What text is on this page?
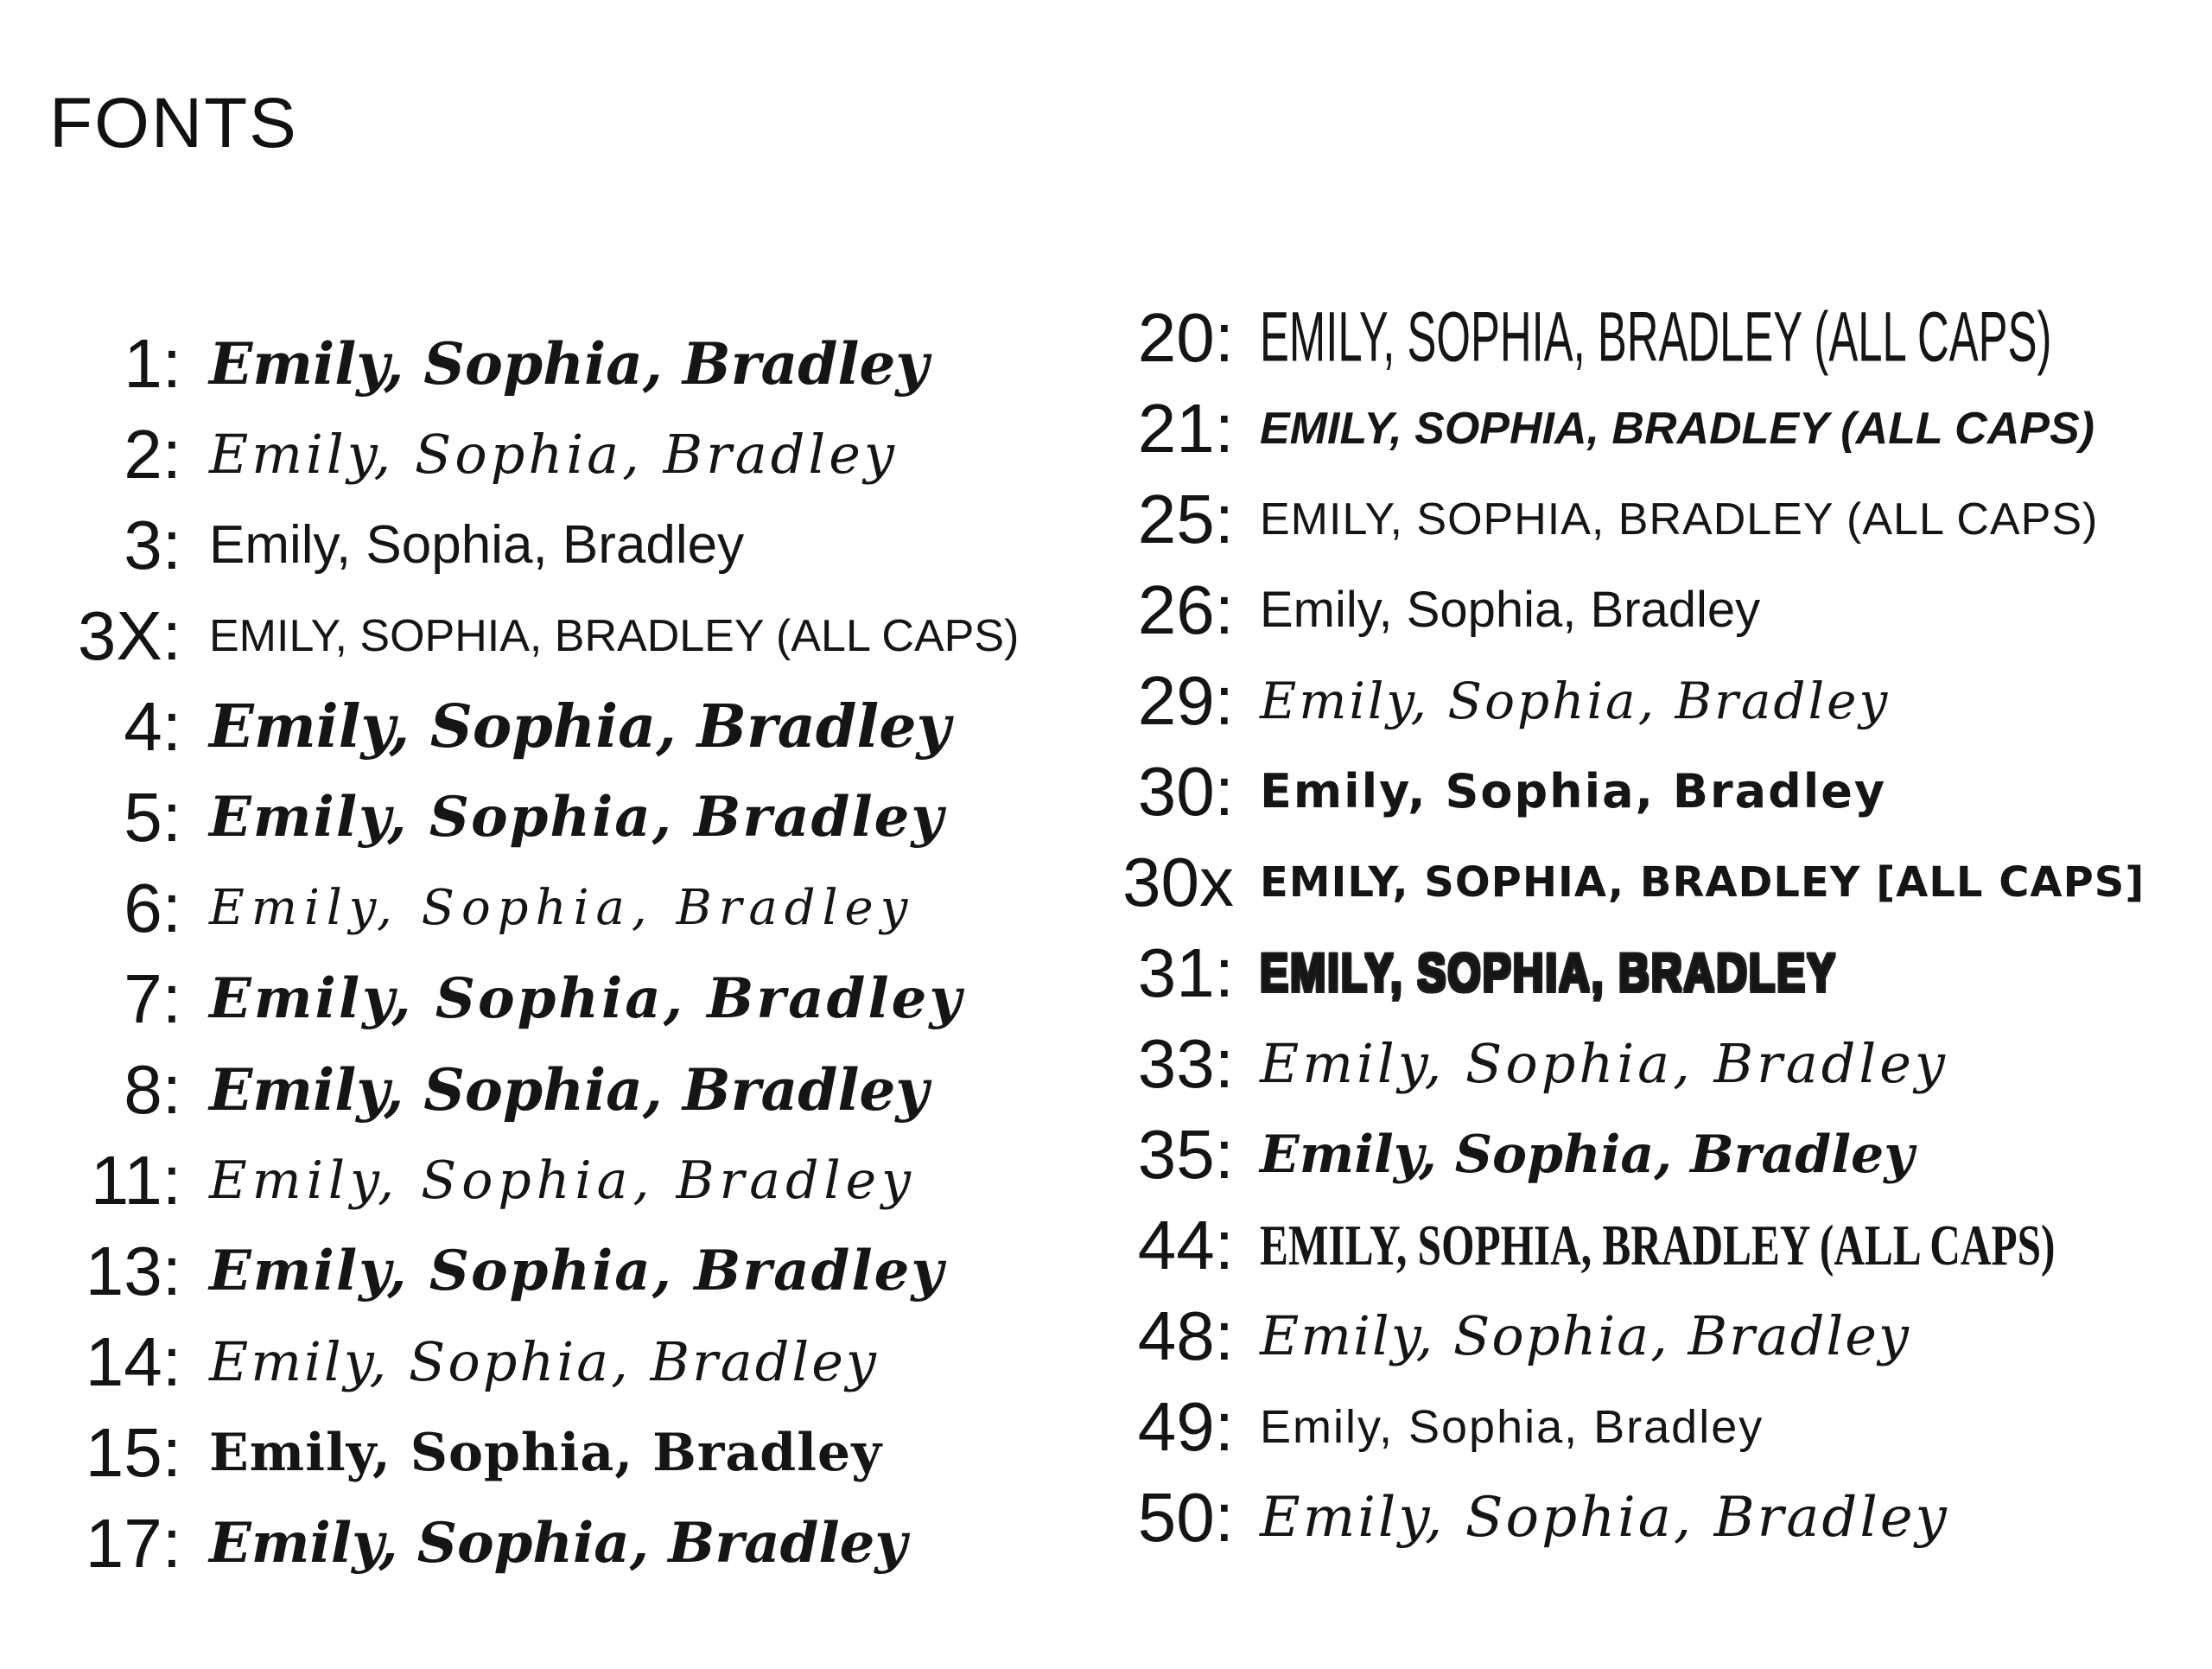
FONTS
1: Emily, Sophia, Bradley
2: Emily, Sophia, Bradley
3: Emily, Sophia, Bradley
3X: EMILY, SOPHIA, BRADLEY (ALL CAPS)
4: Emily, Sophia, Bradley
5: Emily, Sophia, Bradley
6: Emily, Sophia, Bradley
7: Emily, Sophia, Bradley
8: Emily, Sophia, Bradley
11: Emily, Sophia, Bradley
13: Emily, Sophia, Bradley
14: Emily, Sophia, Bradley
15: Emily, Sophia, Bradley
17: Emily, Sophia, Bradley
20: EMILY, SOPHIA, BRADLEY (ALL CAPS)
21: EMILY, SOPHIA, BRADLEY (ALL CAPS)
25: EMILY, SOPHIA, BRADLEY (ALL CAPS)
26: Emily, Sophia, Bradley
29: Emily, Sophia, Bradley
30: Emily, Sophia, Bradley
30x EMILY, SOPHIA, BRADLEY [ALL CAPS]
31: EMILY, SOPHIA, BRADLEY
33: Emily, Sophia, Bradley
35: Emily, Sophia, Bradley
44: EMILY, SOPHIA, BRADLEY (ALL CAPS)
48: Emily, Sophia, Bradley
49: Emily, Sophia, Bradley
50: Emily, Sophia, Bradley
